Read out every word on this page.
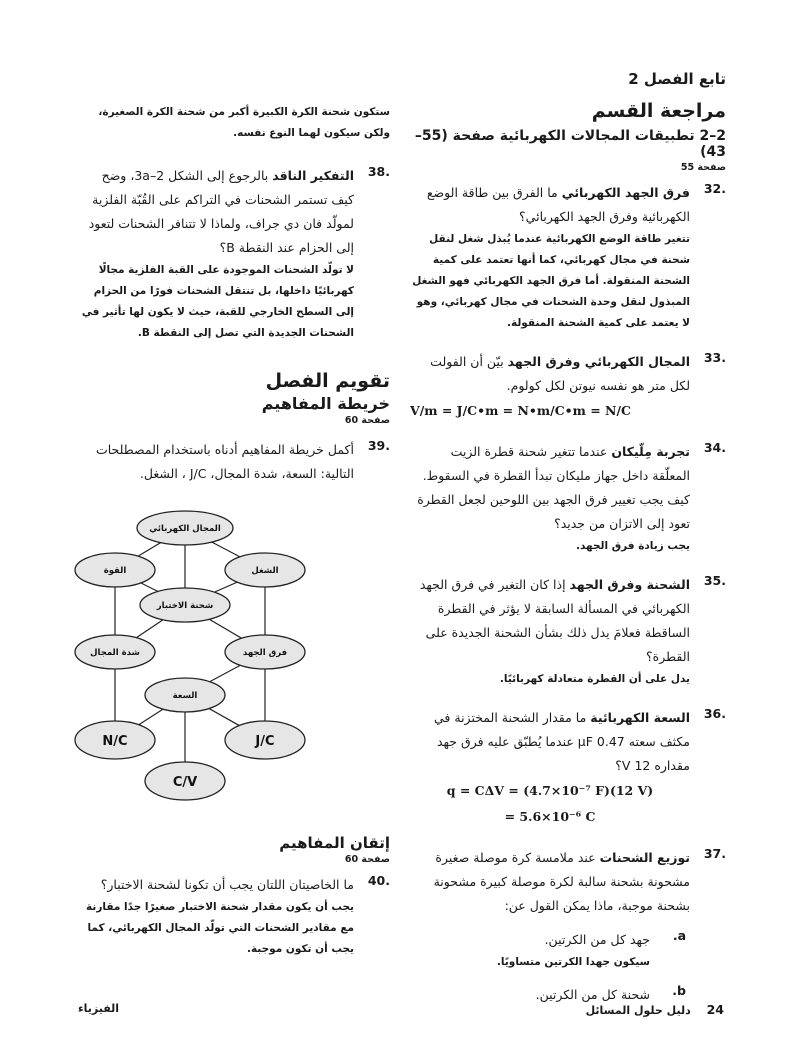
تابع الفصل 2
مراجعة القسم
2–2 تطبيقات المجالات الكهربائية صفحة (55–43)
صفحة 55
.32
فرق الجهد الكهربائي ما الفرق بين طاقة الوضع الكهربائية وفرق الجهد الكهربائي؟
تتغير طاقة الوضع الكهربائية عندما يُبذل شغل لنقل شحنة في مجال كهربائي، كما أنها تعتمد على كمية الشحنة المنقولة. أما فرق الجهد الكهربائي فهو الشغل المبذول لنقل وحدة الشحنات في مجال كهربائي، وهو لا يعتمد على كمية الشحنة المنقولة.
.33
المجال الكهربائي وفرق الجهد بيّن أن الفولت لكل متر هو نفسه نيوتن لكل كولوم.
V/m = J/C•m = N•m/C•m = N/C
.34
تجربة مِلّيكان عندما تتغير شحنة قطرة الزيت المعلّقة داخل جهاز مليكان تبدأ القطرة في السقوط. كيف يجب تغيير فرق الجهد بين اللوحين لجعل القطرة تعود إلى الاتزان من جديد؟
يجب زيادة فرق الجهد.
.35
الشحنة وفرق الجهد إذا كان التغير في فرق الجهد الكهربائي في المسألة السابقة لا يؤثر في القطرة الساقطة فعلامَ يدل ذلك بشأن الشحنة الجديدة على القطرة؟
يدل على أن القطرة متعادلة كهربائيًا.
.36
السعة الكهربائية ما مقدار الشحنة المختزنة في مكثف سعته 0.47 μF عندما يُطبّق عليه فرق جهد مقداره 12 V؟
q = CΔV = (4.7×10⁻⁷ F)(12 V)
= 5.6×10⁻⁶ C
.37
توزيع الشحنات عند ملامسة كرة موصلة صغيرة مشحونة بشحنة سالبة لكرة موصلة كبيرة مشحونة بشحنة موجبة، ماذا يمكن القول عن:
a.
جهد كل من الكرتين.
سيكون جهدا الكرتين متساويًا.
b.
شحنة كل من الكرتين.
ستكون شحنة الكرة الكبيرة أكبر من شحنة الكرة الصغيرة، ولكن سيكون لهما النوع نفسه.
.38
التفكير الناقد بالرجوع إلى الشكل 3a–2، وضح كيف تستمر الشحنات في التراكم على القُبّة الفلزية لمولّد فان دي جراف، ولماذا لا تتنافر الشحنات لتعود إلى الحزام عند النقطة B؟
لا تولّد الشحنات الموجودة على القبة الفلزية مجالًا كهربائيًا داخلها، بل تنتقل الشحنات فورًا من الحزام إلى السطح الخارجي للقبة، حيث لا يكون لها تأثير في الشحنات الجديدة التي تصل إلى النقطة B.
تقويم الفصل
خريطة المفاهيم
صفحة 60
.39
أكمل خريطة المفاهيم أدناه باستخدام المصطلحات التالية: السعة، شدة المجال، J/C ، الشغل.
المجال الكهربائي
القوة	الشغل
شحنة الاختبار
شدة المجال	فرق الجهد
السعة
N/C	J/C
C/V
إتقان المفاهيم
صفحة 60
.40
ما الخاصيتان اللتان يجب أن تكونا لشحنة الاختبار؟
يجب أن يكون مقدار شحنة الاختبار صغيرًا جدًا مقارنة مع مقادير الشحنات التي تولّد المجال الكهربائي، كما يجب أن تكون موجبة.
24 دليل حلول المسائل
الفيزياء
